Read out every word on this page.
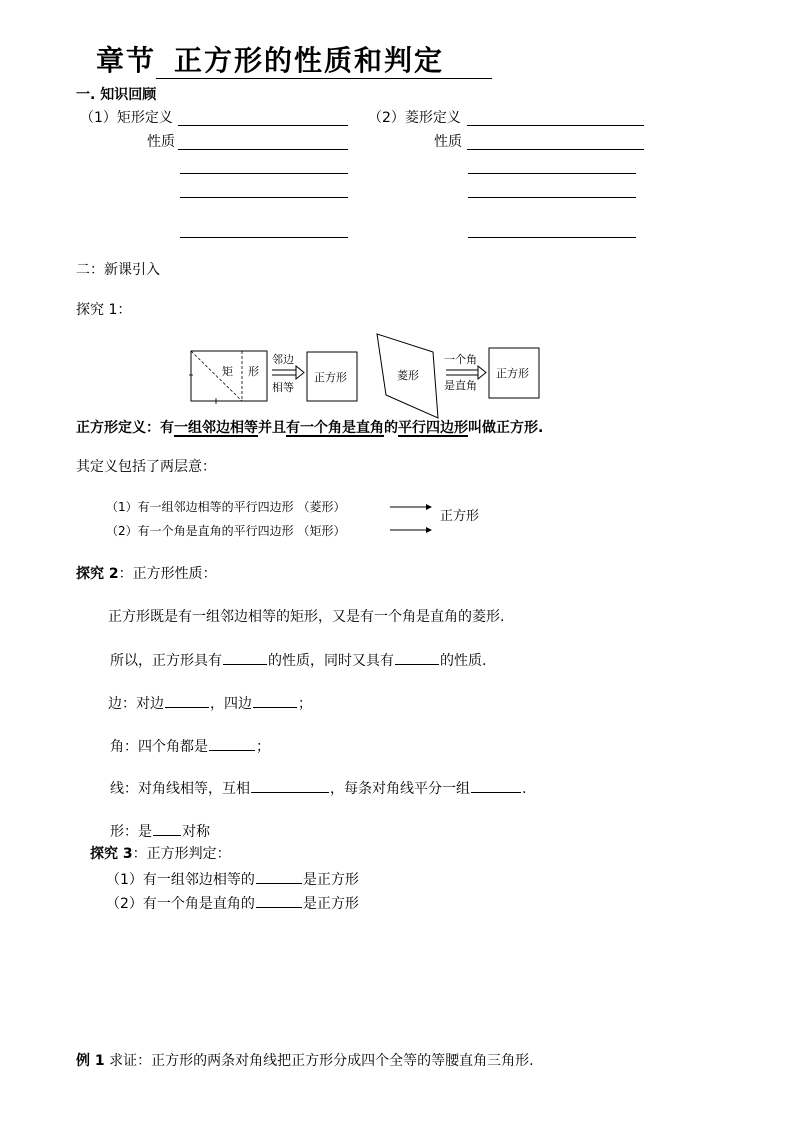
章节 正方形的性质和判定
一. 知识回顾
（1）矩形定义
性质
（2）菱形定义
性质
二：新课引入
探究 1：
矩 形
邻边
相等
正方形	菱形
一个角
是直角
正方形
正方形定义：有一组邻边相等并且有一个角是直角的平行四边形叫做正方形.
其定义包括了两层意：
（1）有一组邻边相等的平行四边形 （菱形）
（2）有一个角是直角的平行四边形 （矩形）
正方形
探究 2：正方形性质：
正方形既是有一组邻边相等的矩形，又是有一个角是直角的菱形.
所以，正方形具有	的性质，同时又具有	的性质.
边：对边	，四边	；
角：四个角都是	；
线：对角线相等，互相	，每条对角线平分一组	.
形：是 对称
探究 3：正方形判定：
（1）有一组邻边相等的	是正方形
（2）有一个角是直角的	是正方形
例 1 求证：正方形的两条对角线把正方形分成四个全等的等腰直角三角形.
